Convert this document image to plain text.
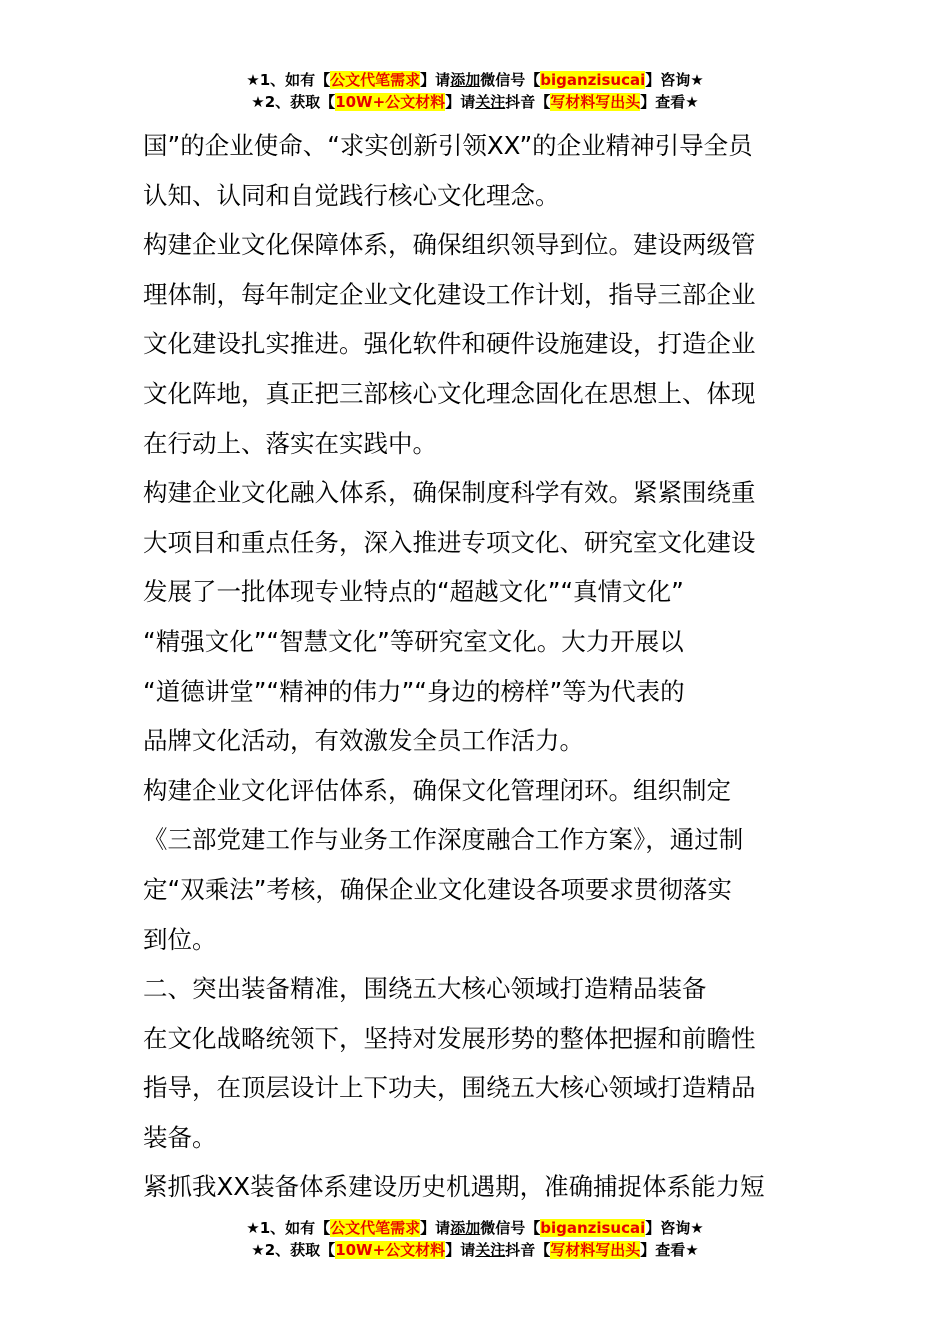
★1、如有【公文代笔需求】请添加微信号【biganzisucai】咨询★
★2、获取【10W+公文材料】请关注抖音【写材料写出头】查看★

国”的企业使命、“求实创新引领XX”的企业精神引导全员

认知、认同和自觉践行核心文化理念。

构建企业文化保障体系，确保组织领导到位。建设两级管

理体制，每年制定企业文化建设工作计划，指导三部企业

文化建设扎实推进。强化软件和硬件设施建设，打造企业

文化阵地，真正把三部核心文化理念固化在思想上、体现

在行动上、落实在实践中。

构建企业文化融入体系，确保制度科学有效。紧紧围绕重

大项目和重点任务，深入推进专项文化、研究室文化建设

发展了一批体现专业特点的“超越文化”“真情文化”

“精强文化”“智慧文化”等研究室文化。大力开展以

“道德讲堂”“精神的伟力”“身边的榜样”等为代表的

品牌文化活动，有效激发全员工作活力。

构建企业文化评估体系，确保文化管理闭环。组织制定

《三部党建工作与业务工作深度融合工作方案》，通过制

定“双乘法”考核，确保企业文化建设各项要求贯彻落实

到位。

二、突出装备精准，围绕五大核心领域打造精品装备

在文化战略统领下，坚持对发展形势的整体把握和前瞻性

指导，在顶层设计上下功夫，围绕五大核心领域打造精品

装备。

紧抓我XX装备体系建设历史机遇期，准确捕捉体系能力短

★1、如有【公文代笔需求】请添加微信号【biganzisucai】咨询★
★2、获取【10W+公文材料】请关注抖音【写材料写出头】查看★
